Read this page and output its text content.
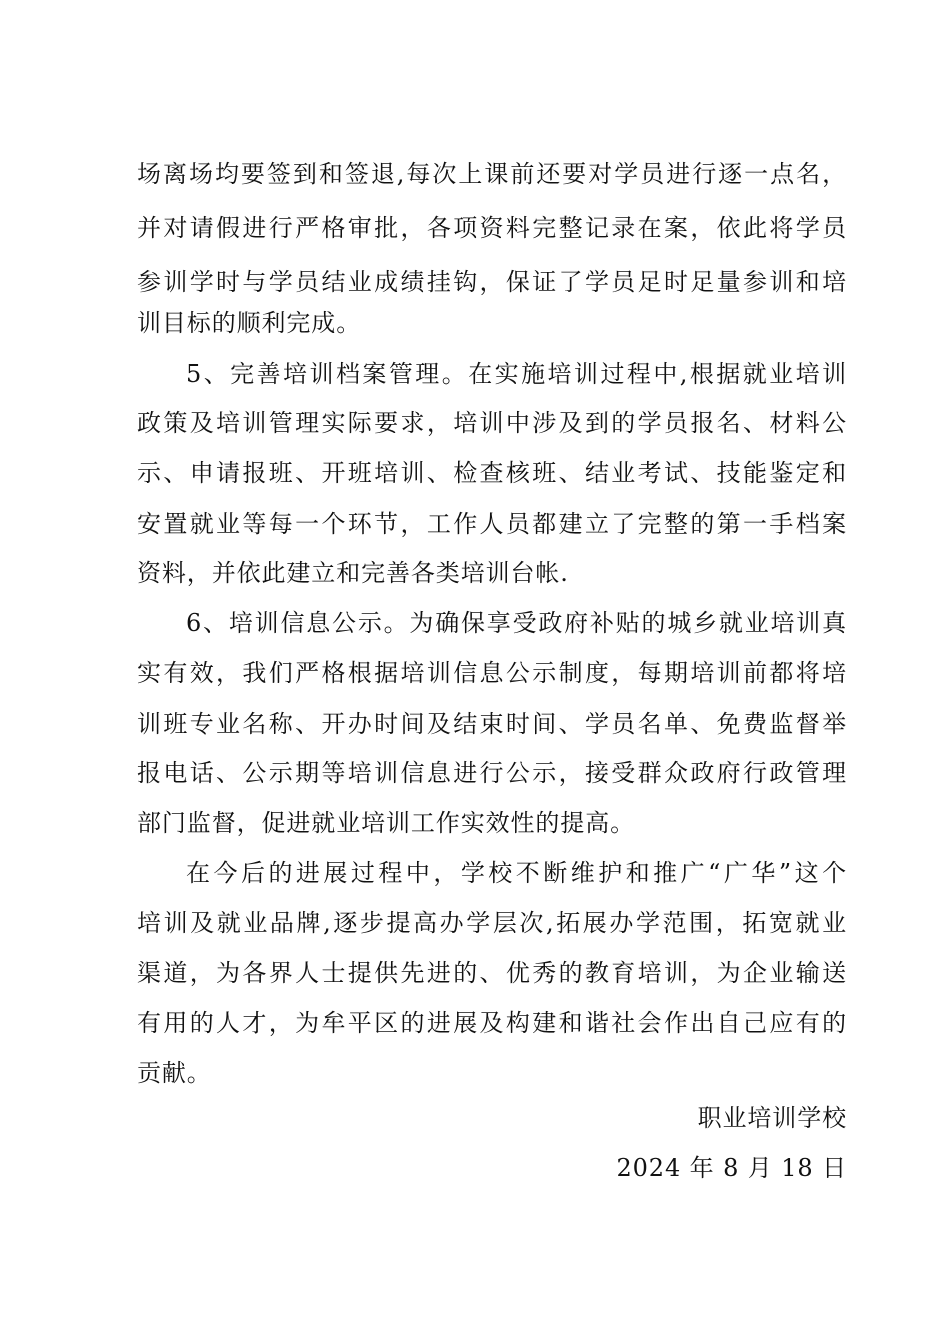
场离场均要签到和签退,每次上课前还要对学员进行逐一点名，
并对请假进行严格审批，各项资料完整记录在案，依此将学员
参训学时与学员结业成绩挂钩，保证了学员足时足量参训和培
训目标的顺利完成。
5、完善培训档案管理。在实施培训过程中,根据就业培训
政策及培训管理实际要求，培训中涉及到的学员报名、材料公
示、申请报班、开班培训、检查核班、结业考试、技能鉴定和
安置就业等每一个环节，工作人员都建立了完整的第一手档案
资料，并依此建立和完善各类培训台帐.
6、培训信息公示。为确保享受政府补贴的城乡就业培训真
实有效，我们严格根据培训信息公示制度，每期培训前都将培
训班专业名称、开办时间及结束时间、学员名单、免费监督举
报电话、公示期等培训信息进行公示，接受群众政府行政管理
部门监督，促进就业培训工作实效性的提高。
在今后的进展过程中，学校不断维护和推广“广华”这个
培训及就业品牌,逐步提高办学层次,拓展办学范围，拓宽就业
渠道，为各界人士提供先进的、优秀的教育培训，为企业输送
有用的人才，为牟平区的进展及构建和谐社会作出自己应有的
贡献。
职业培训学校
2024 年 8 月 18 日
